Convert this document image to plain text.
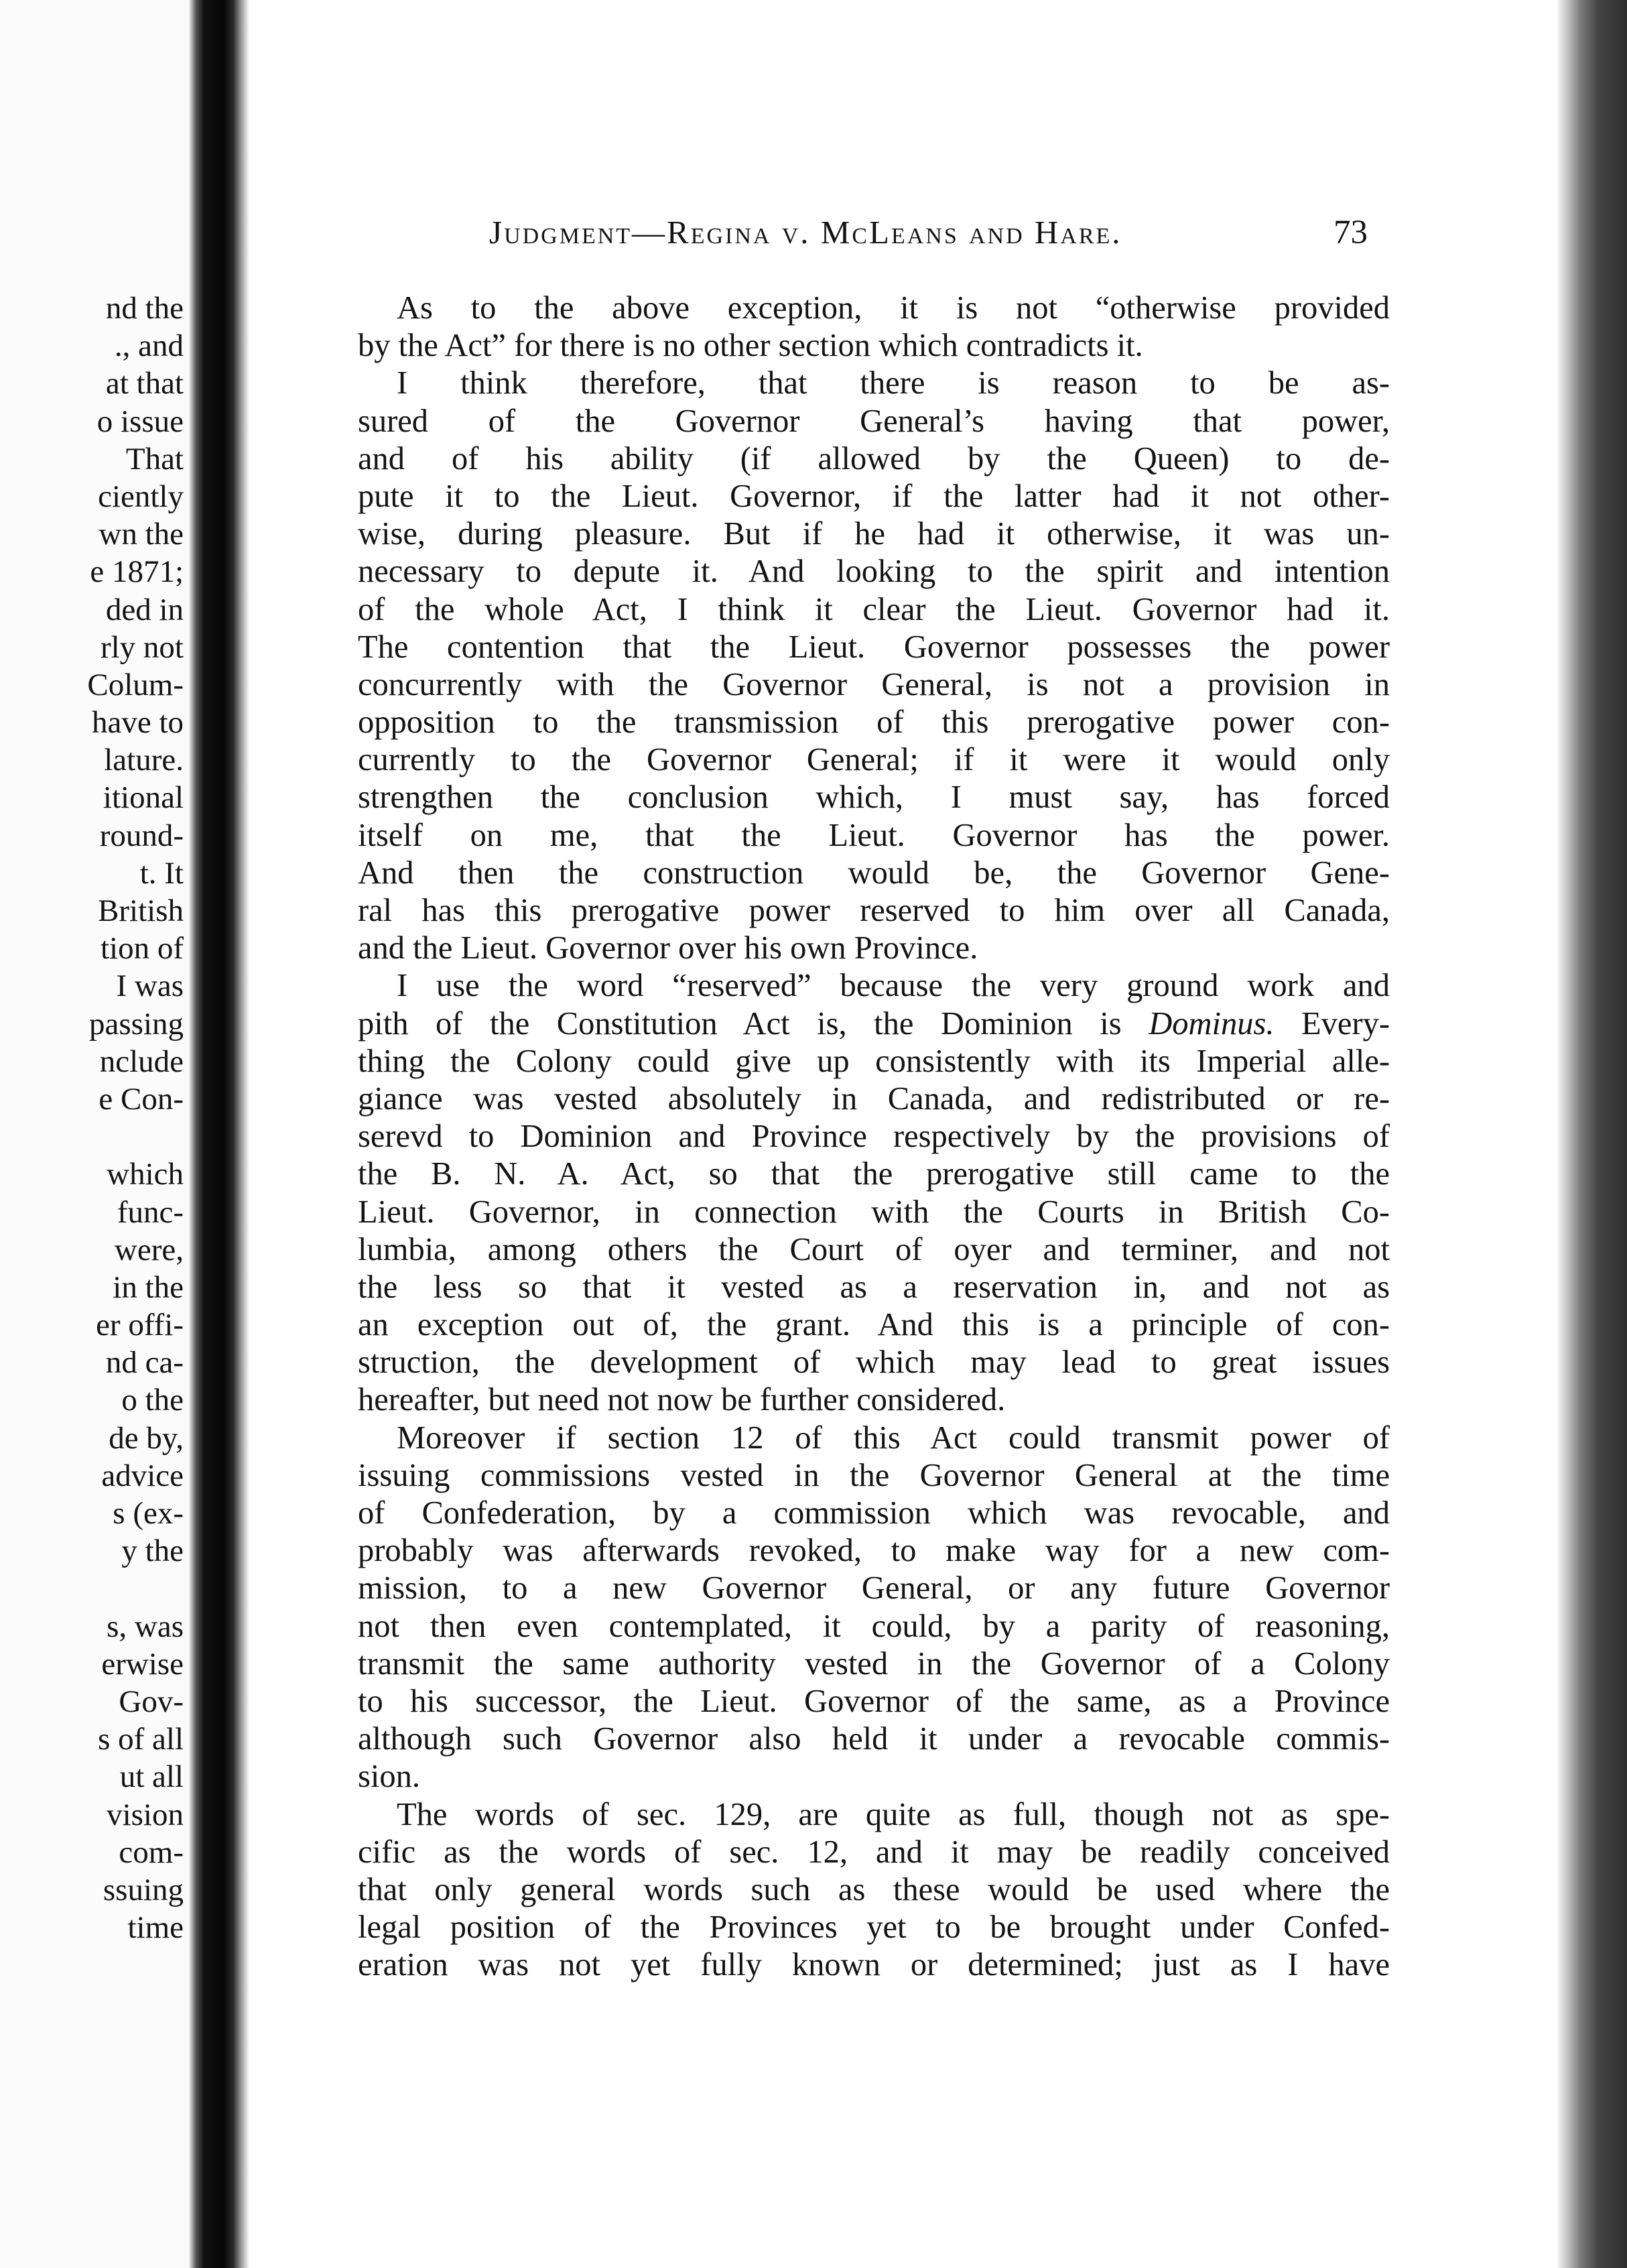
nd the
., and
at that
o issue
That
ciently
wn the
e 1871;
ded in
rly not
Colum-
have to
lature.
itional
round-
t. It
British
tion of
I was
passing
nclude
e Con-
which
func-
were,
in the
er offi-
nd ca-
o the
de by,
advice
s (ex-
y the
s, was
erwise
Gov-
s of all
ut all
vision
com-
ssuing
time
Judgment—Regina v. McLeans and Hare.	73
As to the above exception, it is not “otherwise provided
by the Act” for there is no other section which contradicts it.
I think therefore, that there is reason to be as-
sured of the Governor General’s having that power,
and of his ability (if allowed by the Queen) to de-
pute it to the Lieut. Governor, if the latter had it not other-
wise, during pleasure. But if he had it otherwise, it was un-
necessary to depute it. And looking to the spirit and intention
of the whole Act, I think it clear the Lieut. Governor had it.
The contention that the Lieut. Governor possesses the power
concurrently with the Governor General, is not a provision in
opposition to the transmission of this prerogative power con-
currently to the Governor General; if it were it would only
strengthen the conclusion which, I must say, has forced
itself on me, that the Lieut. Governor has the power.
And then the construction would be, the Governor Gene-
ral has this prerogative power reserved to him over all Canada,
and the Lieut. Governor over his own Province.
I use the word “reserved” because the very ground work and
pith of the Constitution Act is, the Dominion is Dominus. Every-
thing the Colony could give up consistently with its Imperial alle-
giance was vested absolutely in Canada, and redistributed or re-
serevd to Dominion and Province respectively by the provisions of
the B. N. A. Act, so that the prerogative still came to the
Lieut. Governor, in connection with the Courts in British Co-
lumbia, among others the Court of oyer and terminer, and not
the less so that it vested as a reservation in, and not as
an exception out of, the grant. And this is a principle of con-
struction, the development of which may lead to great issues
hereafter, but need not now be further considered.
Moreover if section 12 of this Act could transmit power of
issuing commissions vested in the Governor General at the time
of Confederation, by a commission which was revocable, and
probably was afterwards revoked, to make way for a new com-
mission, to a new Governor General, or any future Governor
not then even contemplated, it could, by a parity of reasoning,
transmit the same authority vested in the Governor of a Colony
to his successor, the Lieut. Governor of the same, as a Province
although such Governor also held it under a revocable commis-
sion.
The words of sec. 129, are quite as full, though not as spe-
cific as the words of sec. 12, and it may be readily conceived
that only general words such as these would be used where the
legal position of the Provinces yet to be brought under Confed-
eration was not yet fully known or determined; just as I have
